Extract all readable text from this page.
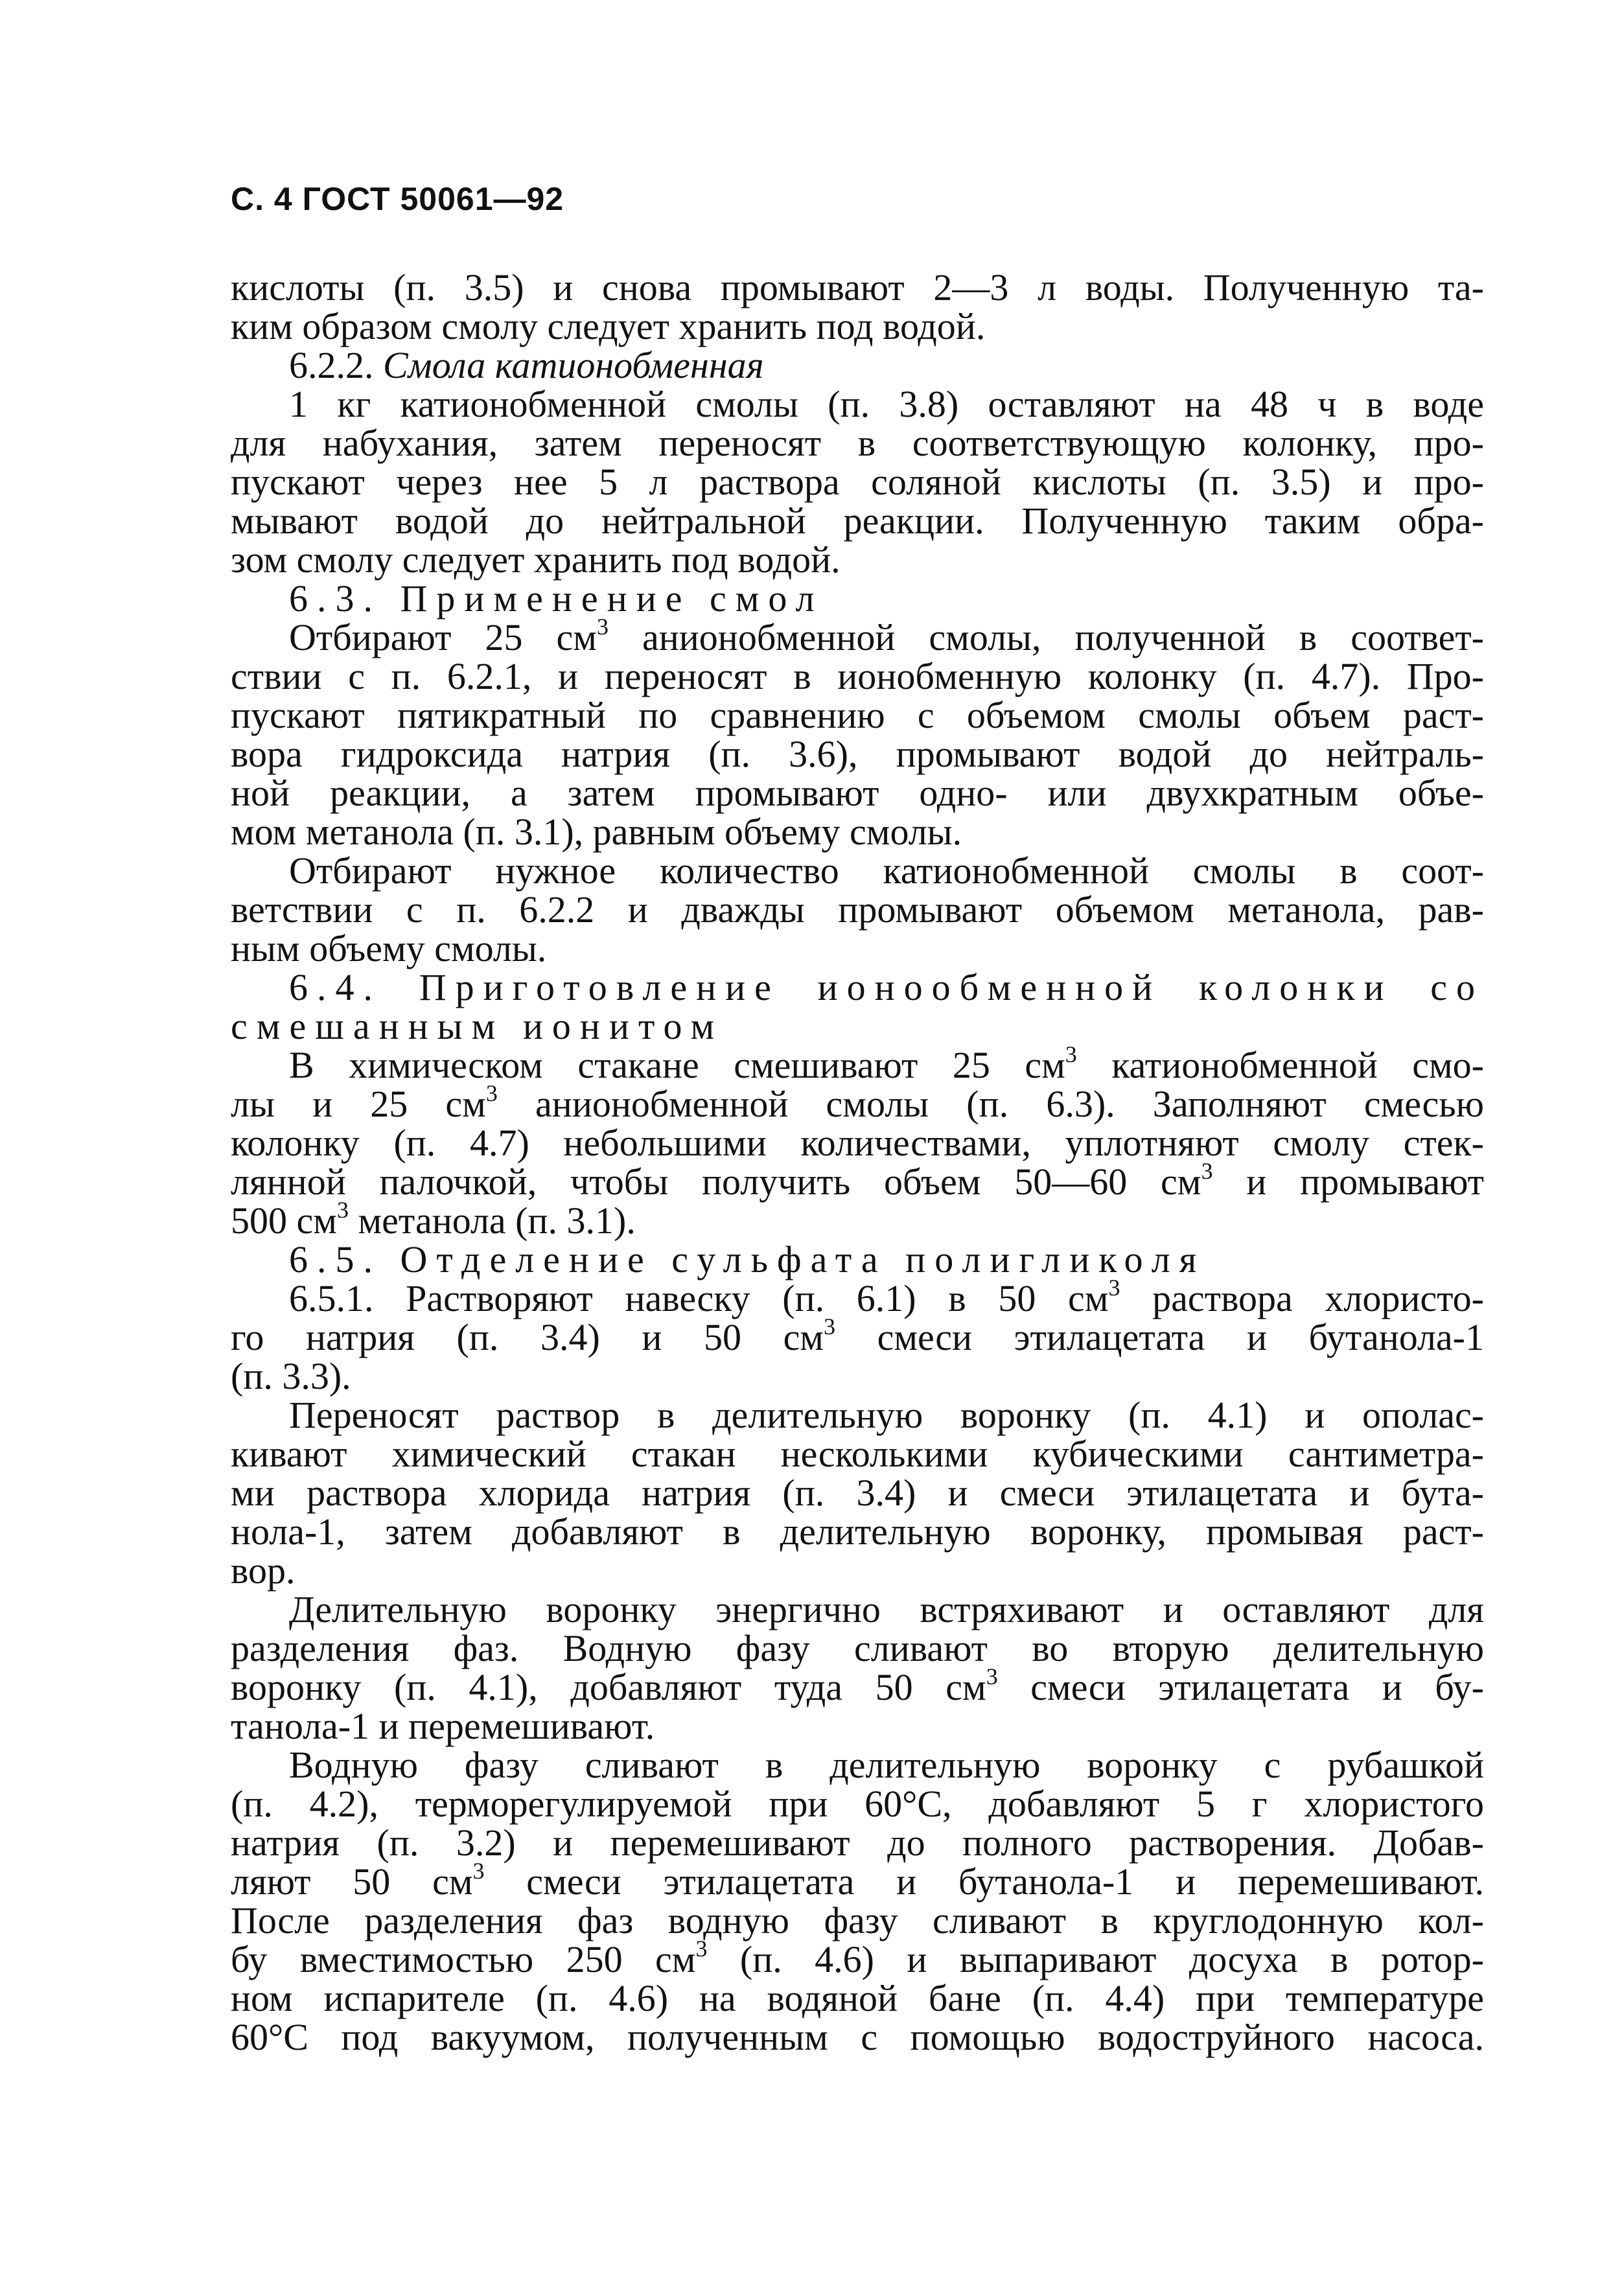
С. 4 ГОСТ 50061—92
кислоты (п. 3.5) и снова промывают 2—3 л воды. Полученную та-
ким образом смолу следует хранить под водой.
6.2.2. Смола катионобменная
1 кг катионобменной смолы (п. 3.8) оставляют на 48 ч в воде
для набухания, затем переносят в соответствующую колонку, про-
пускают через нее 5 л раствора соляной кислоты (п. 3.5) и про-
мывают водой до нейтральной реакции. Полученную таким обра-
зом смолу следует хранить под водой.
6.3. Применение смол
Отбирают 25 $см^3$ анионобменной смолы, полученной в соответ-
ствии с п. 6.2.1, и переносят в ионобменную колонку (п. 4.7). Про-
пускают пятикратный по сравнению с объемом смолы объем раст-
вора гидроксида натрия (п. 3.6), промывают водой до нейтраль-
ной реакции, а затем промывают одно- или двухкратным объе-
мом метанола (п. 3.1), равным объему смолы.
Отбирают нужное количество катионобменной смолы в соот-
ветствии с п. 6.2.2 и дважды промывают объемом метанола, рав-
ным объему смолы.
6.4. Приготовление ионообменной колонки со
смешанным ионитом
В химическом стакане смешивают 25 $см^3$ катионобменной смо-
лы и 25 $см^3$ анионобменной смолы (п. 6.3). Заполняют смесью
колонку (п. 4.7) небольшими количествами, уплотняют смолу стек-
лянной палочкой, чтобы получить объем 50—60 $см^3$ и промывают
500 $см^3$ метанола (п. 3.1).
6.5. Отделение сульфата полигликоля
6.5.1. Растворяют навеску (п. 6.1) в 50 $см^3$ раствора хлористо-
го натрия (п. 3.4) и 50 $см^3$ смеси этилацетата и бутанола-1
(п. 3.3).
Переносят раствор в делительную воронку (п. 4.1) и ополас-
кивают химический стакан несколькими кубическими сантиметра-
ми раствора хлорида натрия (п. 3.4) и смеси этилацетата и бута-
нола-1, затем добавляют в делительную воронку, промывая раст-
вор.
Делительную воронку энергично встряхивают и оставляют для
разделения фаз. Водную фазу сливают во вторую делительную
воронку (п. 4.1), добавляют туда 50 $см^3$ смеси этилацетата и бу-
танола-1 и перемешивают.
Водную фазу сливают в делительную воронку с рубашкой
(п. 4.2), терморегулируемой при 60°С, добавляют 5 г хлористого
натрия (п. 3.2) и перемешивают до полного растворения. Добав-
ляют 50 $см^3$ смеси этилацетата и бутанола-1 и перемешивают.
После разделения фаз водную фазу сливают в круглодонную кол-
бу вместимостью 250 $см^3$ (п. 4.6) и выпаривают досуха в ротор-
ном испарителе (п. 4.6) на водяной бане (п. 4.4) при температуре
60°С под вакуумом, полученным с помощью водоструйного насоса.
